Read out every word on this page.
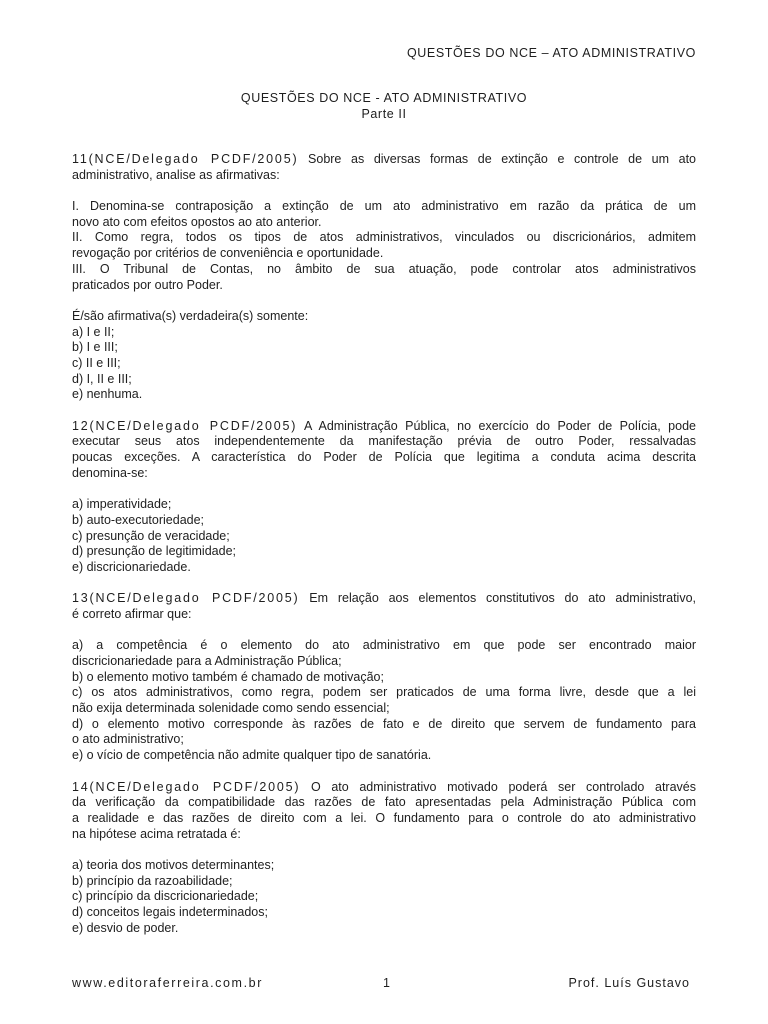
QUESTÕES DO NCE – ATO ADMINISTRATIVO
QUESTÕES DO NCE - ATO ADMINISTRATIVO
Parte II
11(NCE/Delegado PCDF/2005) Sobre as diversas formas de extinção e controle de um ato
administrativo, analise as afirmativas:
I. Denomina-se contraposição a extinção de um ato administrativo em razão da prática de um
novo ato com efeitos opostos ao ato anterior.
II. Como regra, todos os tipos de atos administrativos, vinculados ou discricionários, admitem
revogação por critérios de conveniência e oportunidade.
III. O Tribunal de Contas, no âmbito de sua atuação, pode controlar atos administrativos
praticados por outro Poder.
É/são afirmativa(s) verdadeira(s) somente:
a) I e II;
b) I e III;
c) II e III;
d) I, II e III;
e) nenhuma.
12(NCE/Delegado PCDF/2005) A Administração Pública, no exercício do Poder de Polícia, pode
executar seus atos independentemente da manifestação prévia de outro Poder, ressalvadas
poucas exceções. A característica do Poder de Polícia que legitima a conduta acima descrita
denomina-se:
a) imperatividade;
b) auto-executoriedade;
c) presunção de veracidade;
d) presunção de legitimidade;
e) discricionariedade.
13(NCE/Delegado PCDF/2005) Em relação aos elementos constitutivos do ato administrativo,
é correto afirmar que:
a) a competência é o elemento do ato administrativo em que pode ser encontrado maior
discricionariedade para a Administração Pública;
b) o elemento motivo também é chamado de motivação;
c) os atos administrativos, como regra, podem ser praticados de uma forma livre, desde que a lei
não exija determinada solenidade como sendo essencial;
d) o elemento motivo corresponde às razões de fato e de direito que servem de fundamento para
o ato administrativo;
e) o vício de competência não admite qualquer tipo de sanatória.
14(NCE/Delegado PCDF/2005) O ato administrativo motivado poderá ser controlado através
da verificação da compatibilidade das razões de fato apresentadas pela Administração Pública com
a realidade e das razões de direito com a lei. O fundamento para o controle do ato administrativo
na hipótese acima retratada é:
a) teoria dos motivos determinantes;
b) princípio da razoabilidade;
c) princípio da discricionariedade;
d) conceitos legais indeterminados;
e) desvio de poder.
www.editoraferreira.com.br	1	Prof. Luís Gustavo
